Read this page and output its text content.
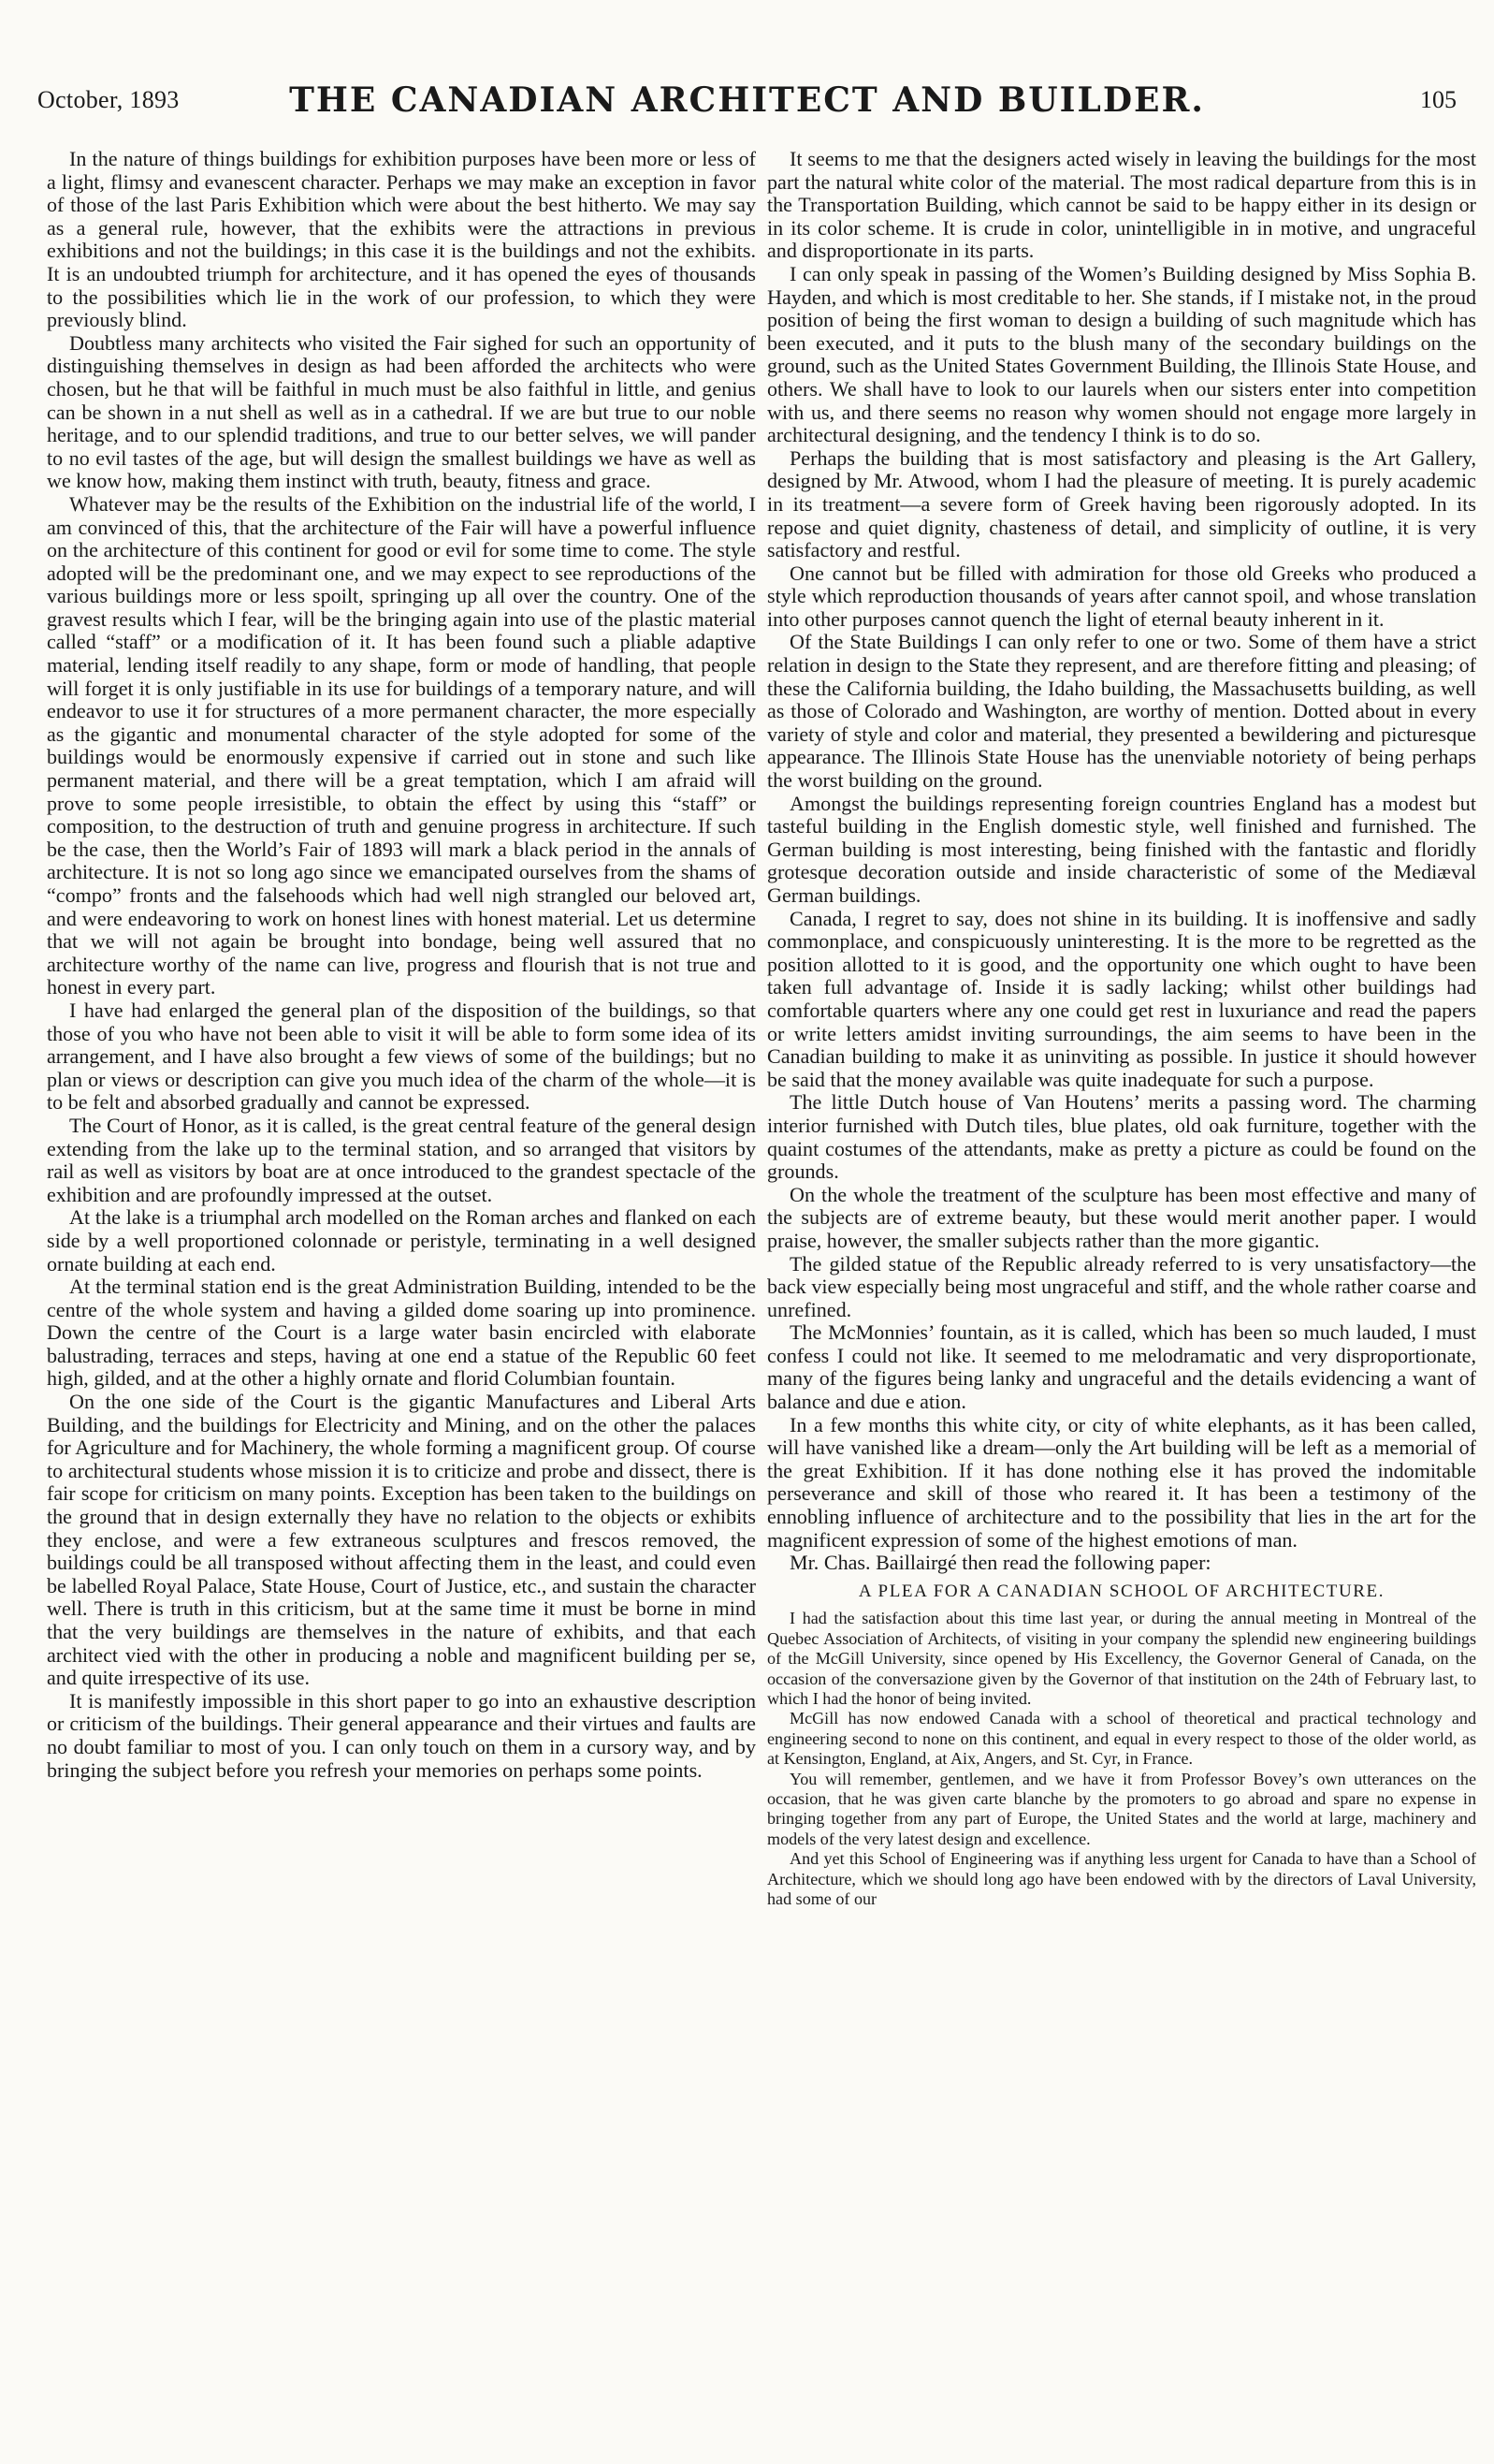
October, 1893	THE CANADIAN ARCHITECT AND BUILDER.	105

In the nature of things buildings for exhibition purposes have been more or less of a light, flimsy and evanescent character. Perhaps we may make an exception in favor of those of the last Paris Exhibition which were about the best hitherto. We may say as a general rule, however, that the exhibits were the attractions in previous exhibitions and not the buildings; in this case it is the buildings and not the exhibits. It is an undoubted triumph for architecture, and it has opened the eyes of thousands to the possibilities which lie in the work of our profession, to which they were previously blind.

Doubtless many architects who visited the Fair sighed for such an opportunity of distinguishing themselves in design as had been afforded the architects who were chosen, but he that will be faithful in much must be also faithful in little, and genius can be shown in a nut shell as well as in a cathedral. If we are but true to our noble heritage, and to our splendid traditions, and true to our better selves, we will pander to no evil tastes of the age, but will design the smallest buildings we have as well as we know how, making them instinct with truth, beauty, fitness and grace.

Whatever may be the results of the Exhibition on the industrial life of the world, I am convinced of this, that the architecture of the Fair will have a powerful influence on the architecture of this continent for good or evil for some time to come. The style adopted will be the predominant one, and we may expect to see reproductions of the various buildings more or less spoilt, springing up all over the country. One of the gravest results which I fear, will be the bringing again into use of the plastic material called “staff” or a modification of it. It has been found such a pliable adaptive material, lending itself readily to any shape, form or mode of handling, that people will forget it is only justifiable in its use for buildings of a temporary nature, and will endeavor to use it for structures of a more permanent character, the more especially as the gigantic and monumental character of the style adopted for some of the buildings would be enormously expensive if carried out in stone and such like permanent material, and there will be a great temptation, which I am afraid will prove to some people irresistible, to obtain the effect by using this “staff” or composition, to the destruction of truth and genuine progress in architecture. If such be the case, then the World’s Fair of 1893 will mark a black period in the annals of architecture. It is not so long ago since we emancipated ourselves from the shams of “compo” fronts and the falsehoods which had well nigh strangled our beloved art, and were endeavoring to work on honest lines with honest material. Let us determine that we will not again be brought into bondage, being well assured that no architecture worthy of the name can live, progress and flourish that is not true and honest in every part.

I have had enlarged the general plan of the disposition of the buildings, so that those of you who have not been able to visit it will be able to form some idea of its arrangement, and I have also brought a few views of some of the buildings; but no plan or views or description can give you much idea of the charm of the whole—it is to be felt and absorbed gradually and cannot be expressed.

The Court of Honor, as it is called, is the great central feature of the general design extending from the lake up to the terminal station, and so arranged that visitors by rail as well as visitors by boat are at once introduced to the grandest spectacle of the exhibition and are profoundly impressed at the outset.

At the lake is a triumphal arch modelled on the Roman arches and flanked on each side by a well proportioned colonnade or peristyle, terminating in a well designed ornate building at each end.

At the terminal station end is the great Administration Building, intended to be the centre of the whole system and having a gilded dome soaring up into prominence. Down the centre of the Court is a large water basin encircled with elaborate balustrading, terraces and steps, having at one end a statue of the Republic 60 feet high, gilded, and at the other a highly ornate and florid Columbian fountain.

On the one side of the Court is the gigantic Manufactures and Liberal Arts Building, and the buildings for Electricity and Mining, and on the other the palaces for Agriculture and for Machinery, the whole forming a magnificent group. Of course to architectural students whose mission it is to criticize and probe and dissect, there is fair scope for criticism on many points. Exception has been taken to the buildings on the ground that in design externally they have no relation to the objects or exhibits they enclose, and were a few extraneous sculptures and frescos removed, the buildings could be all transposed without affecting them in the least, and could even be labelled Royal Palace, State House, Court of Justice, etc., and sustain the character well. There is truth in this criticism, but at the same time it must be borne in mind that the very buildings are themselves in the nature of exhibits, and that each architect vied with the other in producing a noble and magnificent building per se, and quite irrespective of its use.

It is manifestly impossible in this short paper to go into an exhaustive description or criticism of the buildings. Their general appearance and their virtues and faults are no doubt familiar to most of you. I can only touch on them in a cursory way, and by bringing the subject before you refresh your memories on perhaps some points.

It seems to me that the designers acted wisely in leaving the buildings for the most part the natural white color of the material. The most radical departure from this is in the Transportation Building, which cannot be said to be happy either in its design or in its color scheme. It is crude in color, unintelligible in in motive, and ungraceful and disproportionate in its parts.

I can only speak in passing of the Women’s Building designed by Miss Sophia B. Hayden, and which is most creditable to her. She stands, if I mistake not, in the proud position of being the first woman to design a building of such magnitude which has been executed, and it puts to the blush many of the secondary buildings on the ground, such as the United States Government Building, the Illinois State House, and others. We shall have to look to our laurels when our sisters enter into competition with us, and there seems no reason why women should not engage more largely in architectural designing, and the tendency I think is to do so.

Perhaps the building that is most satisfactory and pleasing is the Art Gallery, designed by Mr. Atwood, whom I had the pleasure of meeting. It is purely academic in its treatment—a severe form of Greek having been rigorously adopted. In its repose and quiet dignity, chasteness of detail, and simplicity of outline, it is very satisfactory and restful.

One cannot but be filled with admiration for those old Greeks who produced a style which reproduction thousands of years after cannot spoil, and whose translation into other purposes cannot quench the light of eternal beauty inherent in it.

Of the State Buildings I can only refer to one or two. Some of them have a strict relation in design to the State they represent, and are therefore fitting and pleasing; of these the California building, the Idaho building, the Massachusetts building, as well as those of Colorado and Washington, are worthy of mention. Dotted about in every variety of style and color and material, they presented a bewildering and picturesque appearance. The Illinois State House has the unenviable notoriety of being perhaps the worst building on the ground.

Amongst the buildings representing foreign countries England has a modest but tasteful building in the English domestic style, well finished and furnished. The German building is most interesting, being finished with the fantastic and floridly grotesque decoration outside and inside characteristic of some of the Mediæval German buildings.

Canada, I regret to say, does not shine in its building. It is inoffensive and sadly commonplace, and conspicuously uninteresting. It is the more to be regretted as the position allotted to it is good, and the opportunity one which ought to have been taken full advantage of. Inside it is sadly lacking; whilst other buildings had comfortable quarters where any one could get rest in luxuriance and read the papers or write letters amidst inviting surroundings, the aim seems to have been in the Canadian building to make it as uninviting as possible. In justice it should however be said that the money available was quite inadequate for such a purpose.

The little Dutch house of Van Houtens’ merits a passing word. The charming interior furnished with Dutch tiles, blue plates, old oak furniture, together with the quaint costumes of the attendants, make as pretty a picture as could be found on the grounds.

On the whole the treatment of the sculpture has been most effective and many of the subjects are of extreme beauty, but these would merit another paper. I would praise, however, the smaller subjects rather than the more gigantic.

The gilded statue of the Republic already referred to is very unsatisfactory—the back view especially being most ungraceful and stiff, and the whole rather coarse and unrefined.

The McMonnies’ fountain, as it is called, which has been so much lauded, I must confess I could not like. It seemed to me melodramatic and very disproportionate, many of the figures being lanky and ungraceful and the details evidencing a want of balance and due e ation.

In a few months this white city, or city of white elephants, as it has been called, will have vanished like a dream—only the Art building will be left as a memorial of the great Exhibition. If it has done nothing else it has proved the indomitable perseverance and skill of those who reared it. It has been a testimony of the ennobling influence of architecture and to the possibility that lies in the art for the magnificent expression of some of the highest emotions of man.

Mr. Chas. Baillairgé then read the following paper:

A PLEA FOR A CANADIAN SCHOOL OF ARCHITECTURE.

I had the satisfaction about this time last year, or during the annual meeting in Montreal of the Quebec Association of Architects, of visiting in your company the splendid new engineering buildings of the McGill University, since opened by His Excellency, the Governor General of Canada, on the occasion of the conversazione given by the Governor of that institution on the 24th of February last, to which I had the honor of being invited.

McGill has now endowed Canada with a school of theoretical and practical technology and engineering second to none on this continent, and equal in every respect to those of the older world, as at Kensington, England, at Aix, Angers, and St. Cyr, in France.

You will remember, gentlemen, and we have it from Professor Bovey’s own utterances on the occasion, that he was given carte blanche by the promoters to go abroad and spare no expense in bringing together from any part of Europe, the United States and the world at large, machinery and models of the very latest design and excellence.

And yet this School of Engineering was if anything less urgent for Canada to have than a School of Architecture, which we should long ago have been endowed with by the directors of Laval University, had some of our
